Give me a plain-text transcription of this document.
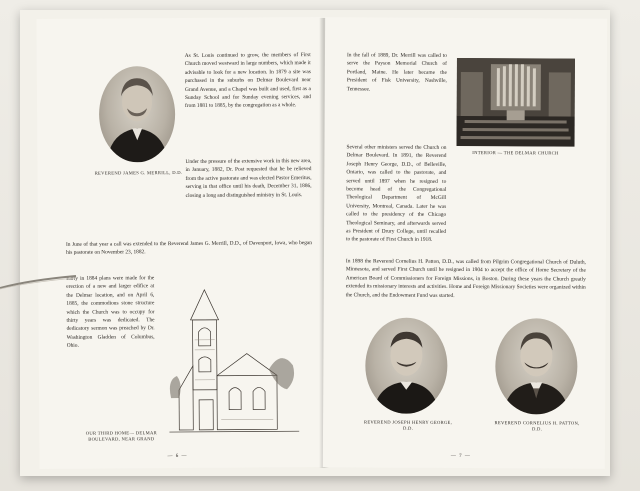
REVEREND JAMES G. MERRILL, D.D.

As St. Louis continued to grow, the members of First Church moved westward in large numbers, which made it advisable to look for a new location. In 1879 a site was purchased in the suburbs on Delmar Boulevard near Grand Avenue, and a Chapel was built and used, first as a Sunday School and for Sunday evening services, and from 1881 to 1885, by the congregation as a whole.

Under the pressure of the extensive work in this new area, in January, 1882, Dr. Post requested that he be relieved from the active pastorate and was elected Pastor Emeritus, serving in that office until his death, December 31, 1886, closing a long and distinguished ministry in St. Louis.

In June of that year a call was extended to the Reverend James G. Merrill, D.D., of Davenport, Iowa, who began his pastorate on November 23, 1882.

Early in 1884 plans were made for the erection of a new and larger edifice at the Delmar location, and on April 6, 1885, the commodious stone structure which the Church was to occupy for thirty years was dedicated. The dedicatory sermon was preached by Dr. Washington Gladden of Columbus, Ohio.

OUR THIRD HOME— DELMAR BOULEVARD, NEAR GRAND
— 6 —

In the fall of 1889, Dr. Merrill was called to serve the Payson Memorial Church of Portland, Maine. He later became the President of Fisk University, Nashville, Tennessee.

INTERIOR — THE DELMAR CHURCH

Several other ministers served the Church on Delmar Boulevard. In 1891, the Reverend Joseph Henry George, D.D., of Belleville, Ontario, was called to the pastorate, and served until 1897 when he resigned to become head of the Congregational Theological Department of McGill University, Montreal, Canada. Later he was called to the presidency of the Chicago Theological Seminary, and afterwards served as President of Drury College, until recalled to the pastorate of First Church in 1918.

In 1898 the Reverend Cornelius H. Patton, D.D., was called from Pilgrim Congregational Church of Duluth, Minnesota, and served First Church until he resigned in 1904 to accept the office of Home Secretary of the American Board of Commissioners for Foreign Missions, in Boston. During these years the Church greatly extended its missionary interests and activities. Home and Foreign Missionary Societies were organized within the Church, and the Endowment Fund was started.

REVEREND JOSEPH HENRY GEORGE, D.D.
REVEREND CORNELIUS H. PATTON, D.D.
— 7 —
